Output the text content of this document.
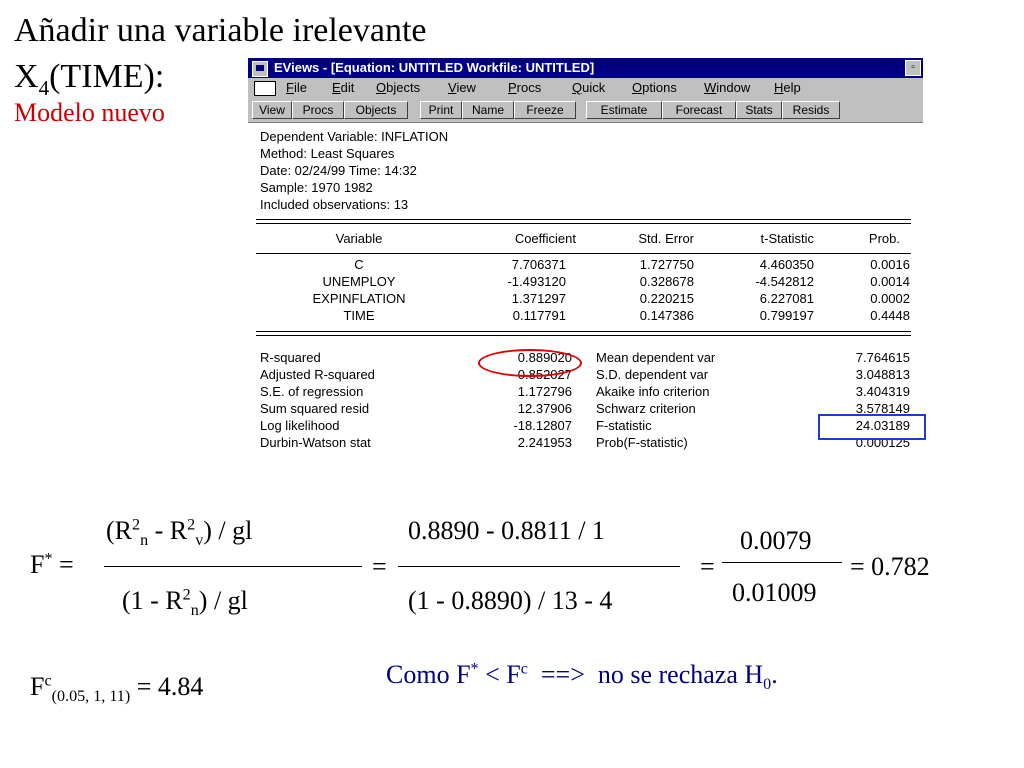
Añadir una variable irelevante
$X_4(TIME)$:
Modelo nuevo
EViews - [Equation: UNTITLED Workfile: UNTITLED]	▫
File Edit Objects View Procs Quick Options Window Help
View	Procs	Objects	Print	Name	Freeze	Estimate	Forecast	Stats	Resids
Dependent Variable: INFLATION
Method: Least Squares
Date: 02/24/99 Time: 14:32
Sample: 1970 1982
Included observations: 13
Variable	Coefficient	Std. Error	t-Statistic	Prob.
C	7.706371	1.727750	4.460350	0.0016
UNEMPLOY	-1.493120	0.328678	-4.542812	0.0014
EXPINFLATION	1.371297	0.220215	6.227081	0.0002
TIME	0.117791	0.147386	0.799197	0.4448
R-squared	0.889020 Mean dependent var	7.764615
Adjusted R-squared	0.852027 S.D. dependent var	3.048813
S.E. of regression	1.172796 Akaike info criterion	3.404319
Sum squared resid	12.37906 Schwarz criterion	3.578149
Log likelihood	-18.12807 F-statistic	24.03189
Durbin-Watson stat	2.241953 Prob(F-statistic)	0.000125
F* =
$(R^2_n - R^2_v)$ / gl
$(1 - R^2_n)$ / gl
=
0.8890 - 0.8811 / 1
(1 - 0.8890) / 13 - 4
=
0.0079
0.01009
= 0.782
$F^c_{(0.05, 1, 11)} = 4.84$	Como $F^* < F^c$  ==>  no se rechaza $H_0$.
